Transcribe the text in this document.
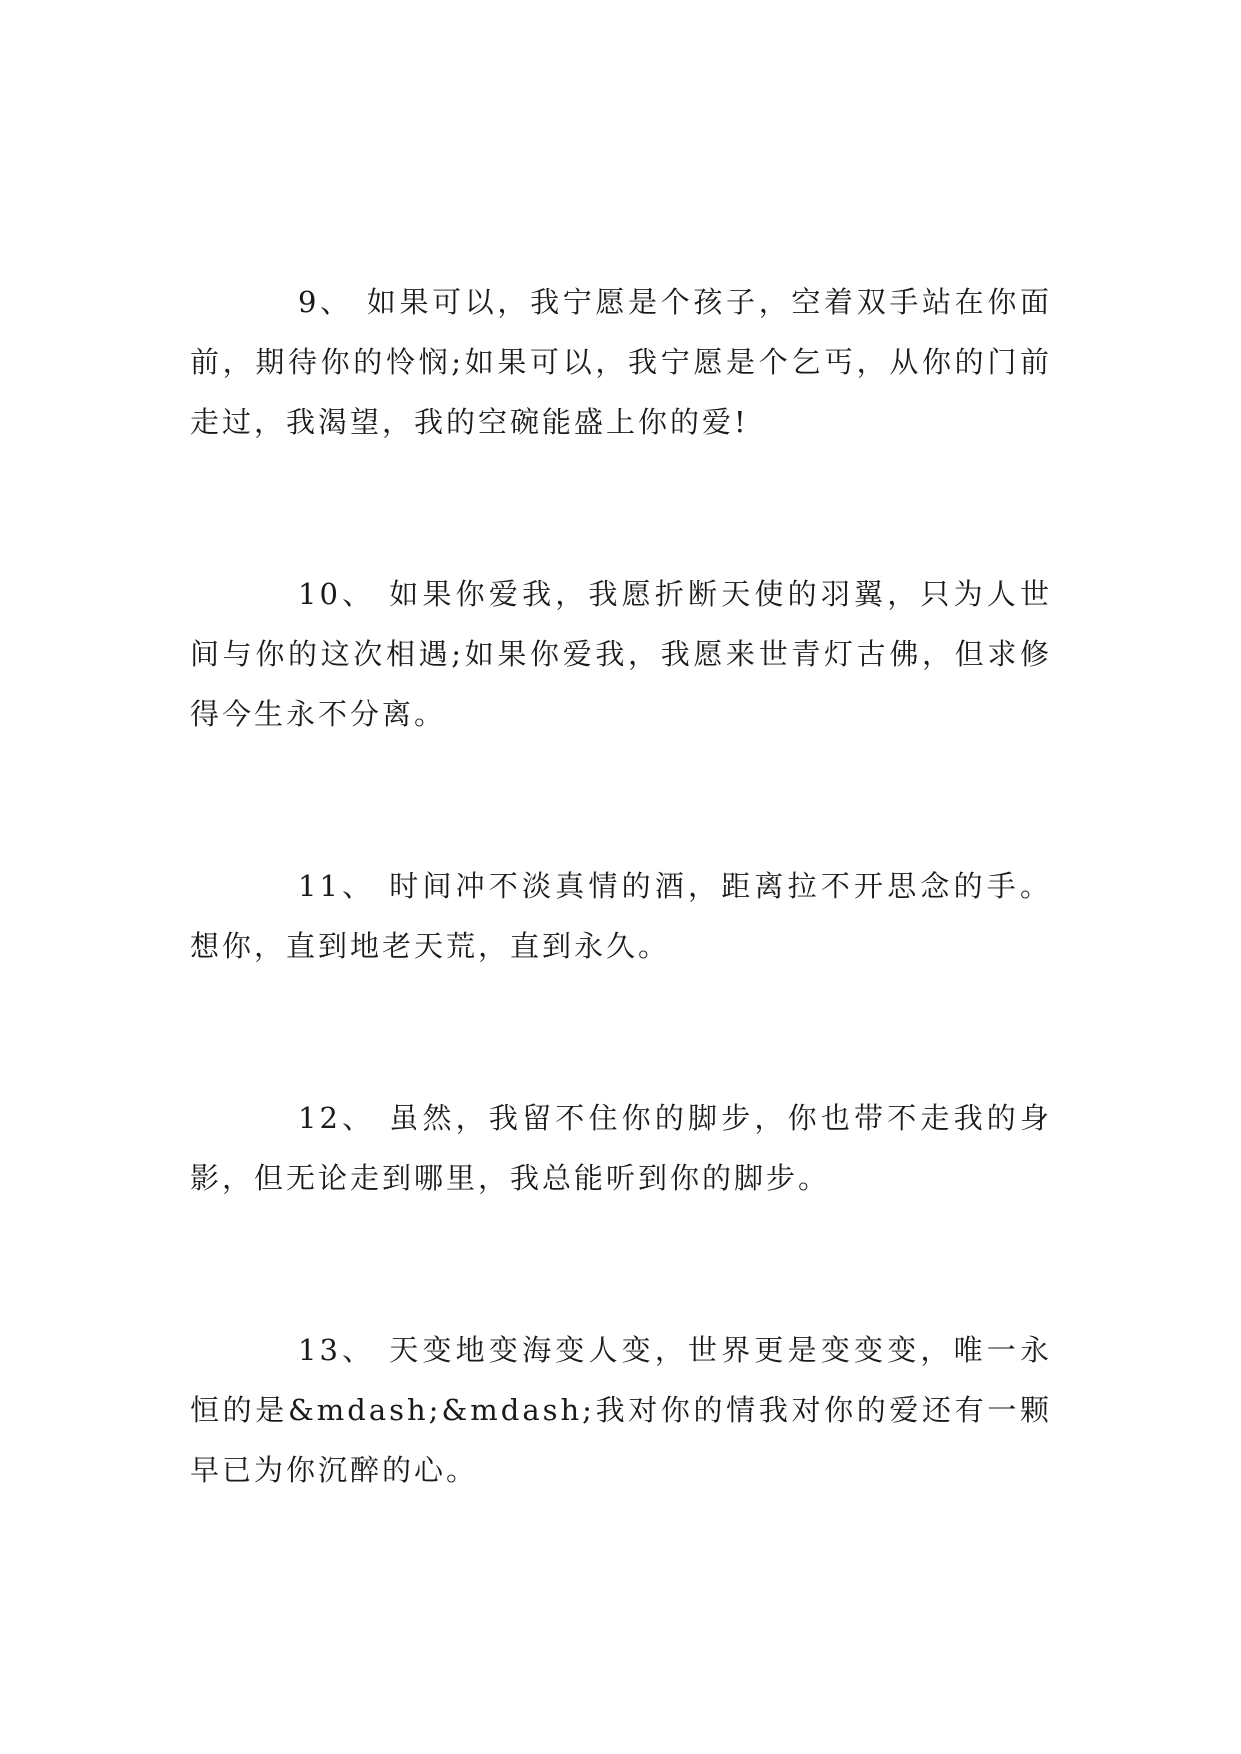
9、 如果可以，我宁愿是个孩子，空着双手站在你面前，期待你的怜悯;如果可以，我宁愿是个乞丐，从你的门前走过，我渴望，我的空碗能盛上你的爱!

10、 如果你爱我，我愿折断天使的羽翼，只为人世间与你的这次相遇;如果你爱我，我愿来世青灯古佛，但求修得今生永不分离。

11、 时间冲不淡真情的酒，距离拉不开思念的手。想你，直到地老天荒，直到永久。

12、 虽然，我留不住你的脚步，你也带不走我的身影，但无论走到哪里，我总能听到你的脚步。

13、 天变地变海变人变，世界更是变变变，唯一永恒的是&mdash;&mdash;我对你的情我对你的爱还有一颗早已为你沉醉的心。
